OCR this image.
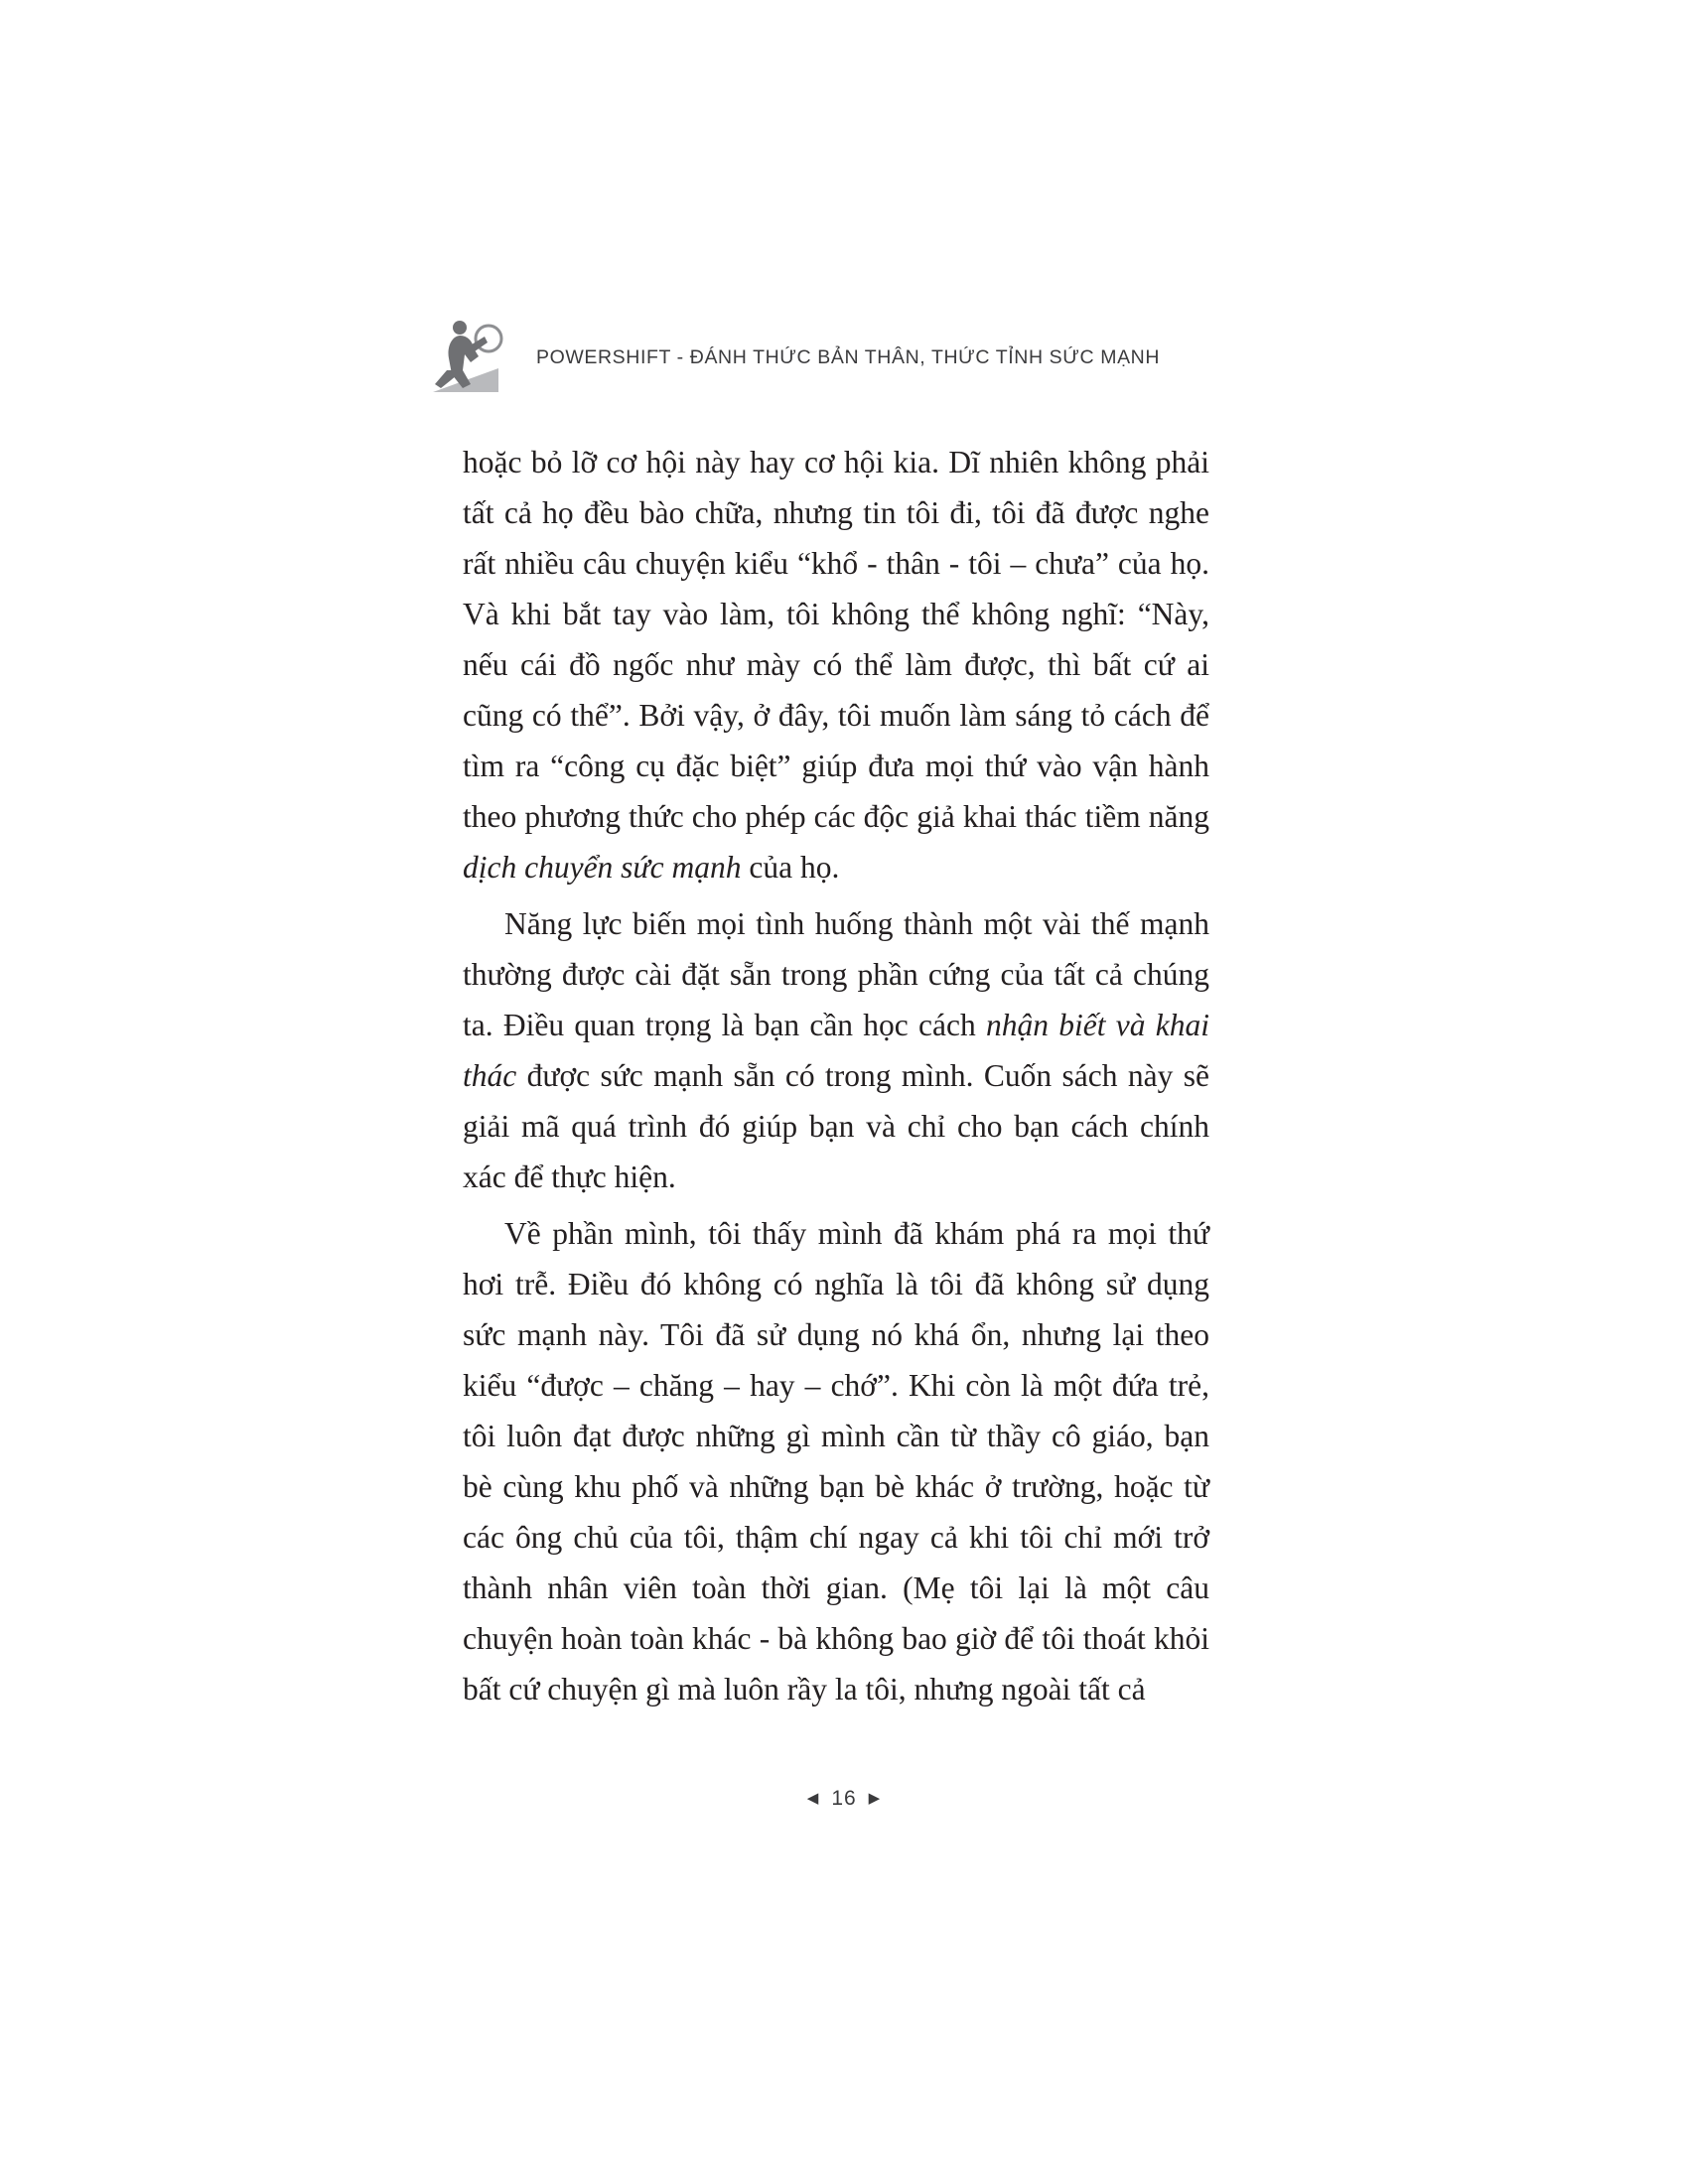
POWERSHIFT - ĐÁNH THỨC BẢN THÂN, THỨC TỈNH SỨC MẠNH

hoặc bỏ lỡ cơ hội này hay cơ hội kia. Dĩ nhiên không phải tất cả họ đều bào chữa, nhưng tin tôi đi, tôi đã được nghe rất nhiều câu chuyện kiểu “khổ - thân - tôi – chưa” của họ. Và khi bắt tay vào làm, tôi không thể không nghĩ: “Này, nếu cái đồ ngốc như mày có thể làm được, thì bất cứ ai cũng có thể”. Bởi vậy, ở đây, tôi muốn làm sáng tỏ cách để tìm ra “công cụ đặc biệt” giúp đưa mọi thứ vào vận hành theo phương thức cho phép các độc giả khai thác tiềm năng dịch chuyển sức mạnh của họ.

Năng lực biến mọi tình huống thành một vài thế mạnh thường được cài đặt sẵn trong phần cứng của tất cả chúng ta. Điều quan trọng là bạn cần học cách nhận biết và khai thác được sức mạnh sẵn có trong mình. Cuốn sách này sẽ giải mã quá trình đó giúp bạn và chỉ cho bạn cách chính xác để thực hiện.

Về phần mình, tôi thấy mình đã khám phá ra mọi thứ hơi trễ. Điều đó không có nghĩa là tôi đã không sử dụng sức mạnh này. Tôi đã sử dụng nó khá ổn, nhưng lại theo kiểu “được – chăng – hay – chớ”. Khi còn là một đứa trẻ, tôi luôn đạt được những gì mình cần từ thầy cô giáo, bạn bè cùng khu phố và những bạn bè khác ở trường, hoặc từ các ông chủ của tôi, thậm chí ngay cả khi tôi chỉ mới trở thành nhân viên toàn thời gian. (Mẹ tôi lại là một câu chuyện hoàn toàn khác - bà không bao giờ để tôi thoát khỏi bất cứ chuyện gì mà luôn rầy la tôi, nhưng ngoài tất cả

◀ 16 ▶
